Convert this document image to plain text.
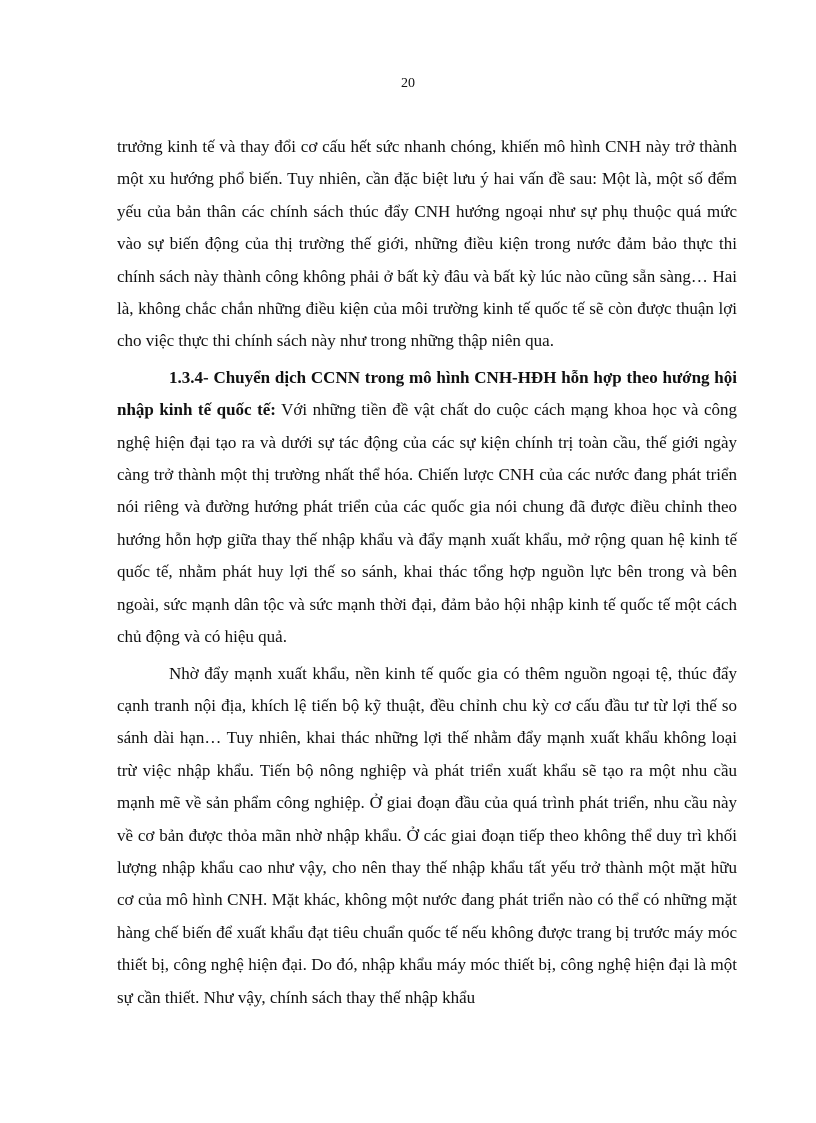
20

trưởng kinh tế và thay đổi cơ cấu hết sức nhanh chóng, khiến mô hình CNH này trở thành một xu hướng phổ biến. Tuy nhiên, cần đặc biệt lưu ý hai vấn đề sau: Một là, một số đểm yếu của bản thân các chính sách thúc đẩy CNH hướng ngoại như sự phụ thuộc quá mức vào sự biến động của thị trường thế giới, những điều kiện trong nước đảm bảo thực thi chính sách này thành công không phải ở bất kỳ đâu và bất kỳ lúc nào cũng sẵn sàng… Hai là, không chắc chắn những điều kiện của môi trường kinh tế quốc tế sẽ còn được thuận lợi cho việc thực thi chính sách này như trong những thập niên qua.

1.3.4- Chuyển dịch CCNN trong mô hình CNH-HĐH hỗn hợp theo hướng hội nhập kinh tế quốc tế: Với những tiền đề vật chất do cuộc cách mạng khoa học và công nghệ hiện đại tạo ra và dưới sự tác động của các sự kiện chính trị toàn cầu, thế giới ngày càng trở thành một thị trường nhất thể hóa. Chiến lược CNH của các nước đang phát triển nói riêng và đường hướng phát triển của các quốc gia nói chung đã được điều chỉnh theo hướng hỗn hợp giữa thay thế nhập khẩu và đẩy mạnh xuất khẩu, mở rộng quan hệ kinh tế quốc tế, nhằm phát huy lợi thế so sánh, khai thác tổng hợp nguồn lực bên trong và bên ngoài, sức mạnh dân tộc và sức mạnh thời đại, đảm bảo hội nhập kinh tế quốc tế một cách chủ động và có hiệu quả.

Nhờ đẩy mạnh xuất khẩu, nền kinh tế quốc gia có thêm nguồn ngoại tệ, thúc đẩy cạnh tranh nội địa, khích lệ tiến bộ kỹ thuật, đều chỉnh chu kỳ cơ cấu đầu tư từ lợi thế so sánh dài hạn… Tuy nhiên, khai thác những lợi thế nhằm đẩy mạnh xuất khẩu không loại trừ việc nhập khẩu. Tiến bộ nông nghiệp và phát triển xuất khẩu sẽ tạo ra một nhu cầu mạnh mẽ về sản phẩm công nghiệp. Ở giai đoạn đầu của quá trình phát triển, nhu cầu này về cơ bản được thỏa mãn nhờ nhập khẩu. Ở các giai đoạn tiếp theo không thể duy trì khối lượng nhập khẩu cao như vậy, cho nên thay thế nhập khẩu tất yếu trở thành một mặt hữu cơ của mô hình CNH. Mặt khác, không một nước đang phát triển nào có thể có những mặt hàng chế biến để xuất khẩu đạt tiêu chuẩn quốc tế nếu không được trang bị trước máy móc thiết bị, công nghệ hiện đại. Do đó, nhập khẩu máy móc thiết bị, công nghệ hiện đại là một sự cần thiết. Như vậy, chính sách thay thế nhập khẩu
